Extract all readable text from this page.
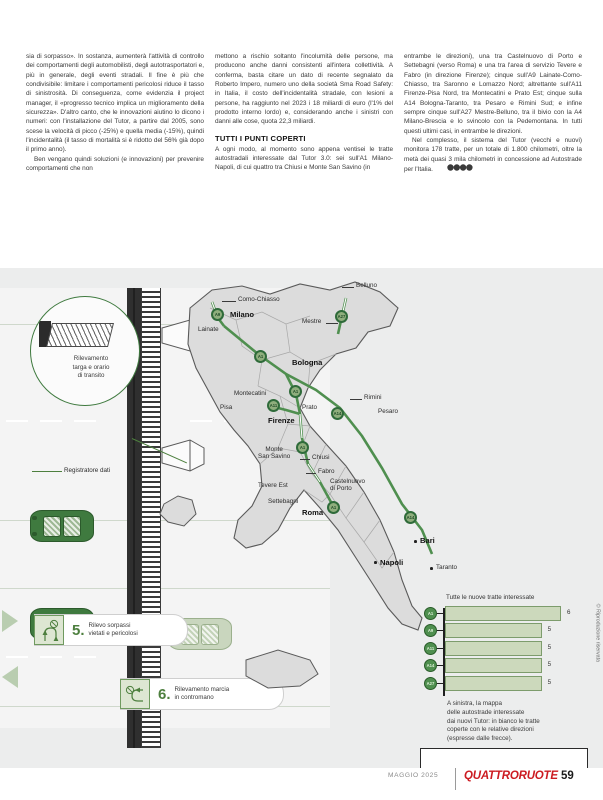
sia di sorpasso». In sostanza, aumenterà l'attività di controllo dei comportamenti degli automobilisti, degli autotrasportatori e, più in generale, degli eventi stradali. Il fine è più che condivisibile: limitare i comportamenti pericolosi riduce il tasso di sinistrosità. Di conseguenza, come evidenzia il project manager, il «progresso tecnico implica un miglioramento della sicurezza». D'altro canto, che le innovazioni aiutino lo dicono i numeri: con l'installazione del Tutor, a partire dal 2005, sono scese la velocità di picco (-25%) e quella media (-15%), quindi l'incidentalità (il tasso di mortalità si è ridotto del 56% già dopo il primo anno).

Ben vengano quindi soluzioni (e innovazioni) per prevenire comportamenti che non

mettono a rischio soltanto l'incolumità delle persone, ma producono anche danni consistenti all'intera collettività. A conferma, basta citare un dato di recente segnalato da Roberto Impero, numero uno della società Sma Road Safety: in Italia, il costo dell'incidentalità stradale, con lesioni a persone, ha raggiunto nel 2023 i 18 miliardi di euro (l'1% del prodotto interno lordo) e, considerando anche i sinistri con danni alle cose, quota 22,3 miliardi.

TUTTI I PUNTI COPERTI

A ogni modo, al momento sono appena ventisei le tratte autostradali interessate dal Tutor 3.0: sei sull'A1 Milano-Napoli, di cui quattro tra Chiusi e Monte San Savino (in

entrambe le direzioni), una tra Castelnuovo di Porto e Settebagni (verso Roma) e una tra l'area di servizio Tevere e Fabro (in direzione Firenze); cinque sull'A9 Lainate-Como-Chiasso, tra Saronno e Lomazzo Nord; altrettante sull'A11 Firenze-Pisa Nord, tra Montecatini e Prato Est; cinque sulla A14 Bologna-Taranto, tra Pesaro e Rimini Sud; e infine sempre cinque sull'A27 Mestre-Belluno, tra il bivio con la A4 Milano-Brescia e lo svincolo con la Pedemontana. In tutti questi ultimi casi, in entrambe le direzioni.

Nel complesso, il sistema del Tutor (vecchi e nuovi) monitora 178 tratte, per un totale di 1.800 chilometri, oltre la metà dei quasi 3 mila chilometri in concessione ad Autostrade per l'Italia.

Registratore dati
Rilevamento
targa e orario
di transito
5. Rilevo sorpassi
vietati e pericolosi
6. Rilevamento marcia
in contromano
A9	A27
A1
A14
A11
A1
A1
A1
A14
Como-Chiasso
Milano
Lainate
Belluno
Mestre
Bologna
Montecatini
Pisa	Prato
Firenze
Rimini
Pesaro
Monte
San Savino	Chiusi
Fabro
Tevere Est
Castelnuovo
di Porto
Settebagni
Roma
Napoli
Bari
Taranto
Tutte le nuove tratte interessate
A1	6
A9	5
A11	5
A14	5
A27	5
A sinistra, la mappa
delle autostrade interessate
dai nuovi Tutor: in bianco le tratte
coperte con le relative direzioni
(espresse dalle frecce).
MAGGIO 2025 QUATTRORUOTE 59
© Riproduzione riservata
